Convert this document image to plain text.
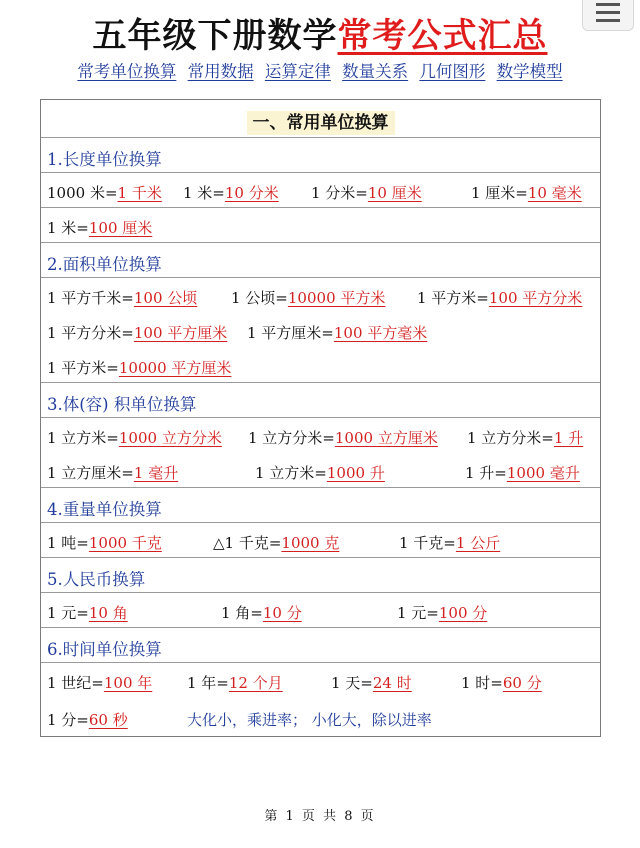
五年级下册数学常考公式汇总
常考单位换算 常用数据 运算定律 数量关系 几何图形 数学模型
一、常用单位换算
1.长度单位换算
1000 米=1 千米 1 米=10 分米 1 分米=10 厘米	1 厘米=10 毫米
1 米=100 厘米
2.面积单位换算
1 平方千米=100 公顷 1 公顷=10000 平方米 1 平方米=100 平方分米
1 平方分米=100 平方厘米 1 平方厘米=100 平方毫米
1 平方米=10000 平方厘米
3.体(容) 积单位换算
1 立方米=1000 立方分米 1 立方分米=1000 立方厘米 1 立方分米=1 升
1 立方厘米=1 毫升	1 立方米=1000 升	1 升=1000 毫升
4.重量单位换算
1 吨=1000 千克	△1 千克=1000 克	1 千克=1 公斤
5.人民币换算
1 元=10 角	1 角=10 分	1 元=100 分
6.时间单位换算
1 世纪=100 年 1 年=12 个月	1 天=24 时	1 时=60 分
1 分=60 秒	大化小，乘进率； 小化大，除以进率
第 1 页 共 8 页
